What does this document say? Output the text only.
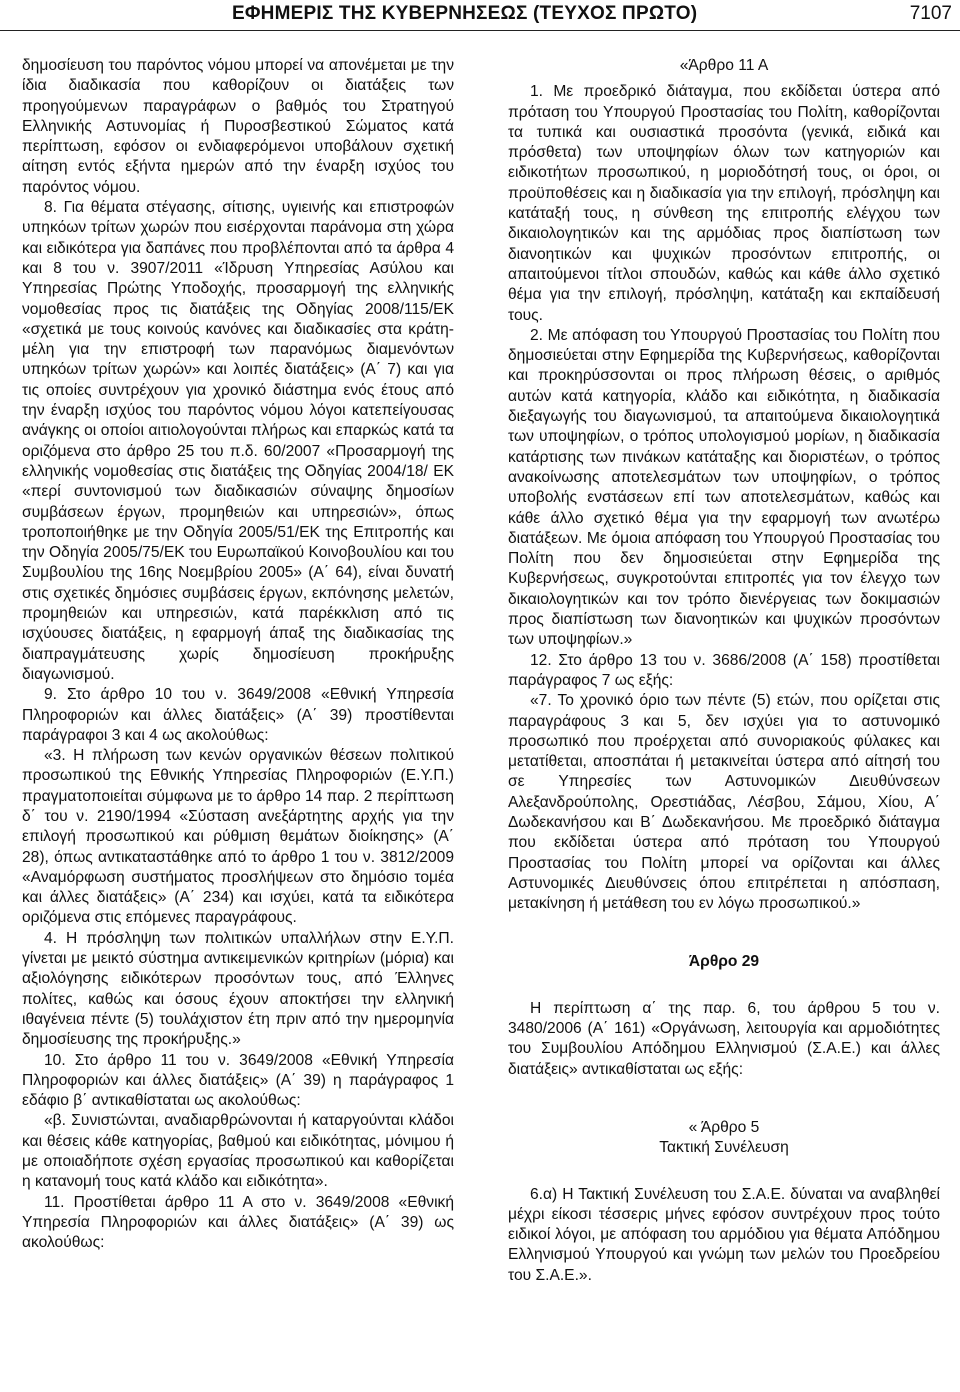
ΕΦΗΜΕΡΙΣ ΤΗΣ ΚΥΒΕΡΝΗΣΕΩΣ (ΤΕΥΧΟΣ ΠΡΩΤΟ)	7107

δημοσίευση του παρόντος νόμου μπορεί να απονέμεται με την ίδια διαδικασία που καθορίζουν οι διατάξεις των προηγούμενων παραγράφων ο βαθμός του Στρατηγού Ελληνικής Αστυνομίας ή Πυροσβεστικού Σώματος κατά περίπτωση, εφόσον οι ενδιαφερόμενοι υποβάλουν σχετική αίτηση εντός εξήντα ημερών από την έναρξη ισχύος του παρόντος νόμου.

8. Για θέματα στέγασης, σίτισης, υγιεινής και επιστροφών υπηκόων τρίτων χωρών που εισέρχονται παράνομα στη χώρα και ειδικότερα για δαπάνες που προβλέπονται από τα άρθρα 4 και 8 του ν. 3907/2011 «Ίδρυση Υπηρεσίας Ασύλου και Υπηρεσίας Πρώτης Υποδοχής, προσαρμογή της ελληνικής νομοθεσίας προς τις διατάξεις της Οδηγίας 2008/115/ΕΚ «σχετικά με τους κοινούς κανόνες και διαδικασίες στα κράτη-μέλη για την επιστροφή των παρανόμως διαμενόντων υπηκόων τρίτων χωρών» και λοιπές διατάξεις» (Α΄ 7) και για τις οποίες συντρέχουν για χρονικό διάστημα ενός έτους από την έναρξη ισχύος του παρόντος νόμου λόγοι κατεπείγουσας ανάγκης οι οποίοι αιτιολογούνται πλήρως και επαρκώς κατά τα οριζόμενα στο άρθρο 25 του π.δ. 60/2007 «Προσαρμογή της ελληνικής νομοθεσίας στις διατάξεις της Οδηγίας 2004/18/ ΕΚ «περί συντονισμού των διαδικασιών σύναψης δημοσίων συμβάσεων έργων, προμηθειών και υπηρεσιών», όπως τροποποιήθηκε με την Οδηγία 2005/51/ΕΚ της Επιτροπής και την Οδηγία 2005/75/ΕΚ του Ευρωπαϊκού Κοινοβουλίου και του Συμβουλίου της 16ης Νοεμβρίου 2005» (Α΄ 64), είναι δυνατή στις σχετικές δημόσιες συμβάσεις έργων, εκπόνησης μελετών, προμηθειών και υπηρεσιών, κατά παρέκκλιση από τις ισχύουσες διατάξεις, η εφαρμογή άπαξ της διαδικασίας της διαπραγμάτευσης χωρίς δημοσίευση προκήρυξης διαγωνισμού.

9. Στο άρθρο 10 του ν. 3649/2008 «Εθνική Υπηρεσία Πληροφοριών και άλλες διατάξεις» (Α΄ 39) προστίθενται παράγραφοι 3 και 4 ως ακολούθως:

«3. Η πλήρωση των κενών οργανικών θέσεων πολιτικού προσωπικού της Εθνικής Υπηρεσίας Πληροφοριών (Ε.Υ.Π.) πραγματοποιείται σύμφωνα με το άρθρο 14 παρ. 2 περίπτωση δ΄ του ν. 2190/1994 «Σύσταση ανεξάρτητης αρχής για την επιλογή προσωπικού και ρύθμιση θεμάτων διοίκησης» (Α΄ 28), όπως αντικαταστάθηκε από το άρθρο 1 του ν. 3812/2009 «Αναμόρφωση συστήματος προσλήψεων στο δημόσιο τομέα και άλλες διατάξεις» (Α΄ 234) και ισχύει, κατά τα ειδικότερα οριζόμενα στις επόμενες παραγράφους.

4. Η πρόσληψη των πολιτικών υπαλλήλων στην Ε.Υ.Π. γίνεται με μεικτό σύστημα αντικειμενικών κριτηρίων (μόρια) και αξιολόγησης ειδικότερων προσόντων τους, από Έλληνες πολίτες, καθώς και όσους έχουν αποκτήσει την ελληνική ιθαγένεια πέντε (5) τουλάχιστον έτη πριν από την ημερομηνία δημοσίευσης της προκήρυξης.»

10. Στο άρθρο 11 του ν. 3649/2008 «Εθνική Υπηρεσία Πληροφοριών και άλλες διατάξεις» (Α΄ 39) η παράγραφος 1 εδάφιο β΄ αντικαθίσταται ως ακολούθως:

«β. Συνιστώνται, αναδιαρθρώνονται ή καταργούνται κλάδοι και θέσεις κάθε κατηγορίας, βαθμού και ειδικότητας, μόνιμου ή με οποιαδήποτε σχέση εργασίας προσωπικού και καθορίζεται η κατανομή τους κατά κλάδο και ειδικότητα».

11. Προστίθεται άρθρο 11 Α στο ν. 3649/2008 «Εθνική Υπηρεσία Πληροφοριών και άλλες διατάξεις» (Α΄ 39) ως ακολούθως:

«Άρθρο 11 Α

1. Με προεδρικό διάταγμα, που εκδίδεται ύστερα από πρόταση του Υπουργού Προστασίας του Πολίτη, καθορίζονται τα τυπικά και ουσιαστικά προσόντα (γενικά, ειδικά και πρόσθετα) των υποψηφίων όλων των κατηγοριών και ειδικοτήτων προσωπικού, η μοριοδότησή τους, οι όροι, οι προϋποθέσεις και η διαδικασία για την επιλογή, πρόσληψη και κατάταξή τους, η σύνθεση της επιτροπής ελέγχου των δικαιολογητικών και της αρμόδιας προς διαπίστωση των διανοητικών και ψυχικών προσόντων επιτροπής, οι απαιτούμενοι τίτλοι σπουδών, καθώς και κάθε άλλο σχετικό θέμα για την επιλογή, πρόσληψη, κατάταξη και εκπαίδευσή τους.

2. Με απόφαση του Υπουργού Προστασίας του Πολίτη που δημοσιεύεται στην Εφημερίδα της Κυβερνήσεως, καθορίζονται και προκηρύσσονται οι προς πλήρωση θέσεις, ο αριθμός αυτών κατά κατηγορία, κλάδο και ειδικότητα, η διαδικασία διεξαγωγής του διαγωνισμού, τα απαιτούμενα δικαιολογητικά των υποψηφίων, ο τρόπος υπολογισμού μορίων, η διαδικασία κατάρτισης των πινάκων κατάταξης και διοριστέων, ο τρόπος ανακοίνωσης αποτελεσμάτων των υποψηφίων, ο τρόπος υποβολής ενστάσεων επί των αποτελεσμάτων, καθώς και κάθε άλλο σχετικό θέμα για την εφαρμογή των ανωτέρω διατάξεων. Με όμοια απόφαση του Υπουργού Προστασίας του Πολίτη που δεν δημοσιεύεται στην Εφημερίδα της Κυβερνήσεως, συγκροτούνται επιτροπές για τον έλεγχο των δικαιολογητικών και τον τρόπο διενέργειας των δοκιμασιών προς διαπίστωση των διανοητικών και ψυχικών προσόντων των υποψηφίων.»

12. Στο άρθρο 13 του ν. 3686/2008 (Α΄ 158) προστίθεται παράγραφος 7 ως εξής:

«7. Το χρονικό όριο των πέντε (5) ετών, που ορίζεται στις παραγράφους 3 και 5, δεν ισχύει για το αστυνομικό προσωπικό που προέρχεται από συνοριακούς φύλακες και μετατίθεται, αποσπάται ή μετακινείται ύστερα από αίτησή του σε Υπηρεσίες των Αστυνομικών Διευθύνσεων Αλεξανδρούπολης, Ορεστιάδας, Λέσβου, Σάμου, Χίου, Α΄ Δωδεκανήσου και Β΄ Δωδεκανήσου. Με προεδρικό διάταγμα που εκδίδεται ύστερα από πρόταση του Υπουργού Προστασίας του Πολίτη μπορεί να ορίζονται και άλλες Αστυνομικές Διευθύνσεις όπου επιτρέπεται η απόσπαση, μετακίνηση ή μετάθεση του εν λόγω προσωπικού.»

Άρθρο 29

Η περίπτωση α΄ της παρ. 6, του άρθρου 5 του ν. 3480/2006 (Α΄ 161) «Οργάνωση, λειτουργία και αρμοδιότητες του Συμβουλίου Απόδημου Ελληνισμού (Σ.Α.Ε.) και άλλες διατάξεις» αντικαθίσταται ως εξής:

« Άρθρο 5

Τακτική Συνέλευση

6.α) Η Τακτική Συνέλευση του Σ.Α.Ε. δύναται να αναβληθεί μέχρι είκοσι τέσσερις μήνες εφόσον συντρέχουν προς τούτο ειδικοί λόγοι, με απόφαση του αρμόδιου για θέματα Απόδημου Ελληνισμού Υπουργού και γνώμη των μελών του Προεδρείου του Σ.Α.Ε.».
